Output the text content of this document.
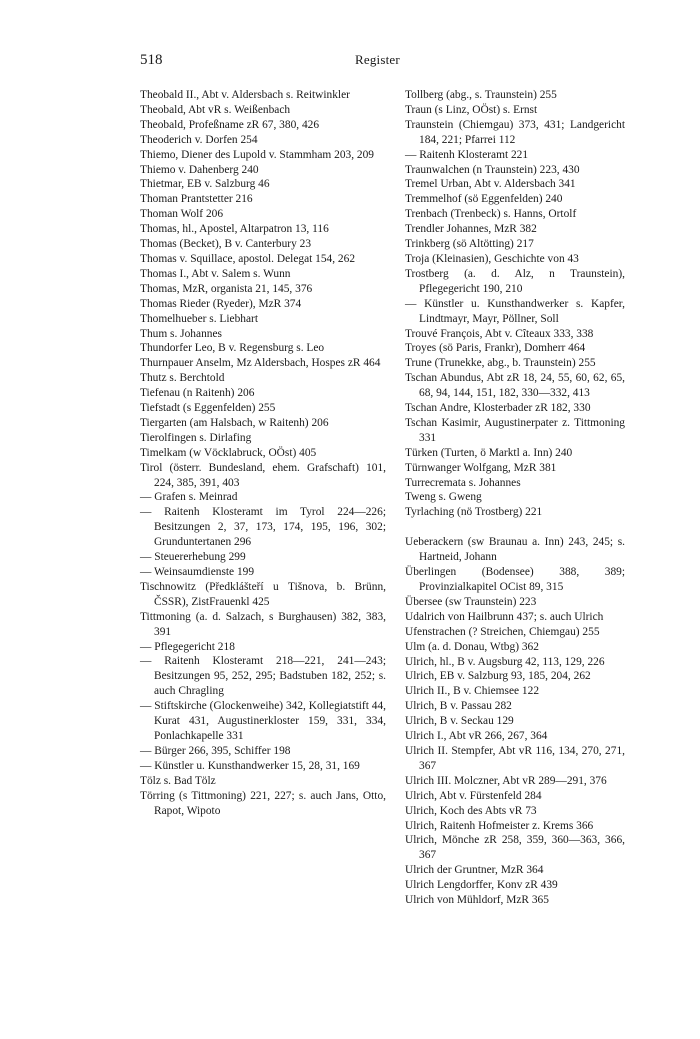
518	Register
Theobald II., Abt v. Aldersbach s. Reitwinkler
Theobald, Abt vR s. Weißenbach
Theobald, Profeßname zR 67, 380, 426
Theoderich v. Dorfen 254
Thiemo, Diener des Lupold v. Stammham 203, 209
Thiemo v. Dahenberg 240
Thietmar, EB v. Salzburg 46
Thoman Prantstetter 216
Thoman Wolf 206
Thomas, hl., Apostel, Altarpatron 13, 116
Thomas (Becket), B v. Canterbury 23
Thomas v. Squillace, apostol. Delegat 154, 262
Thomas I., Abt v. Salem s. Wunn
Thomas, MzR, organista 21, 145, 376
Thomas Rieder (Ryeder), MzR 374
Thomelhueber s. Liebhart
Thum s. Johannes
Thundorfer Leo, B v. Regensburg s. Leo
Thurnpauer Anselm, Mz Aldersbach, Hospes zR 464
Thutz s. Berchtold
Tiefenau (n Raitenh) 206
Tiefstadt (s Eggenfelden) 255
Tiergarten (am Halsbach, w Raitenh) 206
Tierolfingen s. Dirlafing
Timelkam (w Vöcklabruck, OÖst) 405
Tirol (österr. Bundesland, ehem. Grafschaft) 101, 224, 385, 391, 403
— Grafen s. Meinrad
— Raitenh Klosteramt im Tyrol 224—226; Besitzungen 2, 37, 173, 174, 195, 196, 302; Grunduntertanen 296
— Steuererhebung 299
— Weinsaumdienste 199
Tischnowitz (Předklášteří u Tišnova, b. Brünn, ČSSR), ZistFrauenkl 425
Tittmoning (a. d. Salzach, s Burghausen) 382, 383, 391
— Pflegegericht 218
— Raitenh Klosteramt 218—221, 241—243; Besitzungen 95, 252, 295; Badstuben 182, 252; s. auch Chragling
— Stiftskirche (Glockenweihe) 342, Kollegiatstift 44, Kurat 431, Augustinerkloster 159, 331, 334, Ponlachkapelle 331
— Bürger 266, 395, Schiffer 198
— Künstler u. Kunsthandwerker 15, 28, 31, 169
Tölz s. Bad Tölz
Törring (s Tittmoning) 221, 227; s. auch Jans, Otto, Rapot, Wipoto
Tollberg (abg., s. Traunstein) 255
Traun (s Linz, OÖst) s. Ernst
Traunstein (Chiemgau) 373, 431; Landgericht 184, 221; Pfarrei 112
— Raitenh Klosteramt 221
Traunwalchen (n Traunstein) 223, 430
Tremel Urban, Abt v. Aldersbach 341
Tremmelhof (sö Eggenfelden) 240
Trenbach (Trenbeck) s. Hanns, Ortolf
Trendler Johannes, MzR 382
Trinkberg (sö Altötting) 217
Troja (Kleinasien), Geschichte von 43
Trostberg (a. d. Alz, n Traunstein), Pflegegericht 190, 210
— Künstler u. Kunsthandwerker s. Kapfer, Lindtmayr, Mayr, Pöllner, Soll
Trouvé François, Abt v. Cîteaux 333, 338
Troyes (sö Paris, Frankr), Domherr 464
Trune (Trunekke, abg., b. Traunstein) 255
Tschan Abundus, Abt zR 18, 24, 55, 60, 62, 65, 68, 94, 144, 151, 182, 330—332, 413
Tschan Andre, Klosterbader zR 182, 330
Tschan Kasimir, Augustinerpater z. Tittmoning 331
Türken (Turten, ö Marktl a. Inn) 240
Türnwanger Wolfgang, MzR 381
Turrecremata s. Johannes
Tweng s. Gweng
Tyrlaching (nö Trostberg) 221
Ueberackern (sw Braunau a. Inn) 243, 245; s. Hartneid, Johann
Überlingen (Bodensee) 388, 389; Provinzialkapitel OCist 89, 315
Übersee (sw Traunstein) 223
Udalrich von Hailbrunn 437; s. auch Ulrich
Ufenstrachen (? Streichen, Chiemgau) 255
Ulm (a. d. Donau, Wtbg) 362
Ulrich, hl., B v. Augsburg 42, 113, 129, 226
Ulrich, EB v. Salzburg 93, 185, 204, 262
Ulrich II., B v. Chiemsee 122
Ulrich, B v. Passau 282
Ulrich, B v. Seckau 129
Ulrich I., Abt vR 266, 267, 364
Ulrich II. Stempfer, Abt vR 116, 134, 270, 271, 367
Ulrich III. Molczner, Abt vR 289—291, 376
Ulrich, Abt v. Fürstenfeld 284
Ulrich, Koch des Abts vR 73
Ulrich, Raitenh Hofmeister z. Krems 366
Ulrich, Mönche zR 258, 359, 360—363, 366, 367
Ulrich der Gruntner, MzR 364
Ulrich Lengdorffer, Konv zR 439
Ulrich von Mühldorf, MzR 365
